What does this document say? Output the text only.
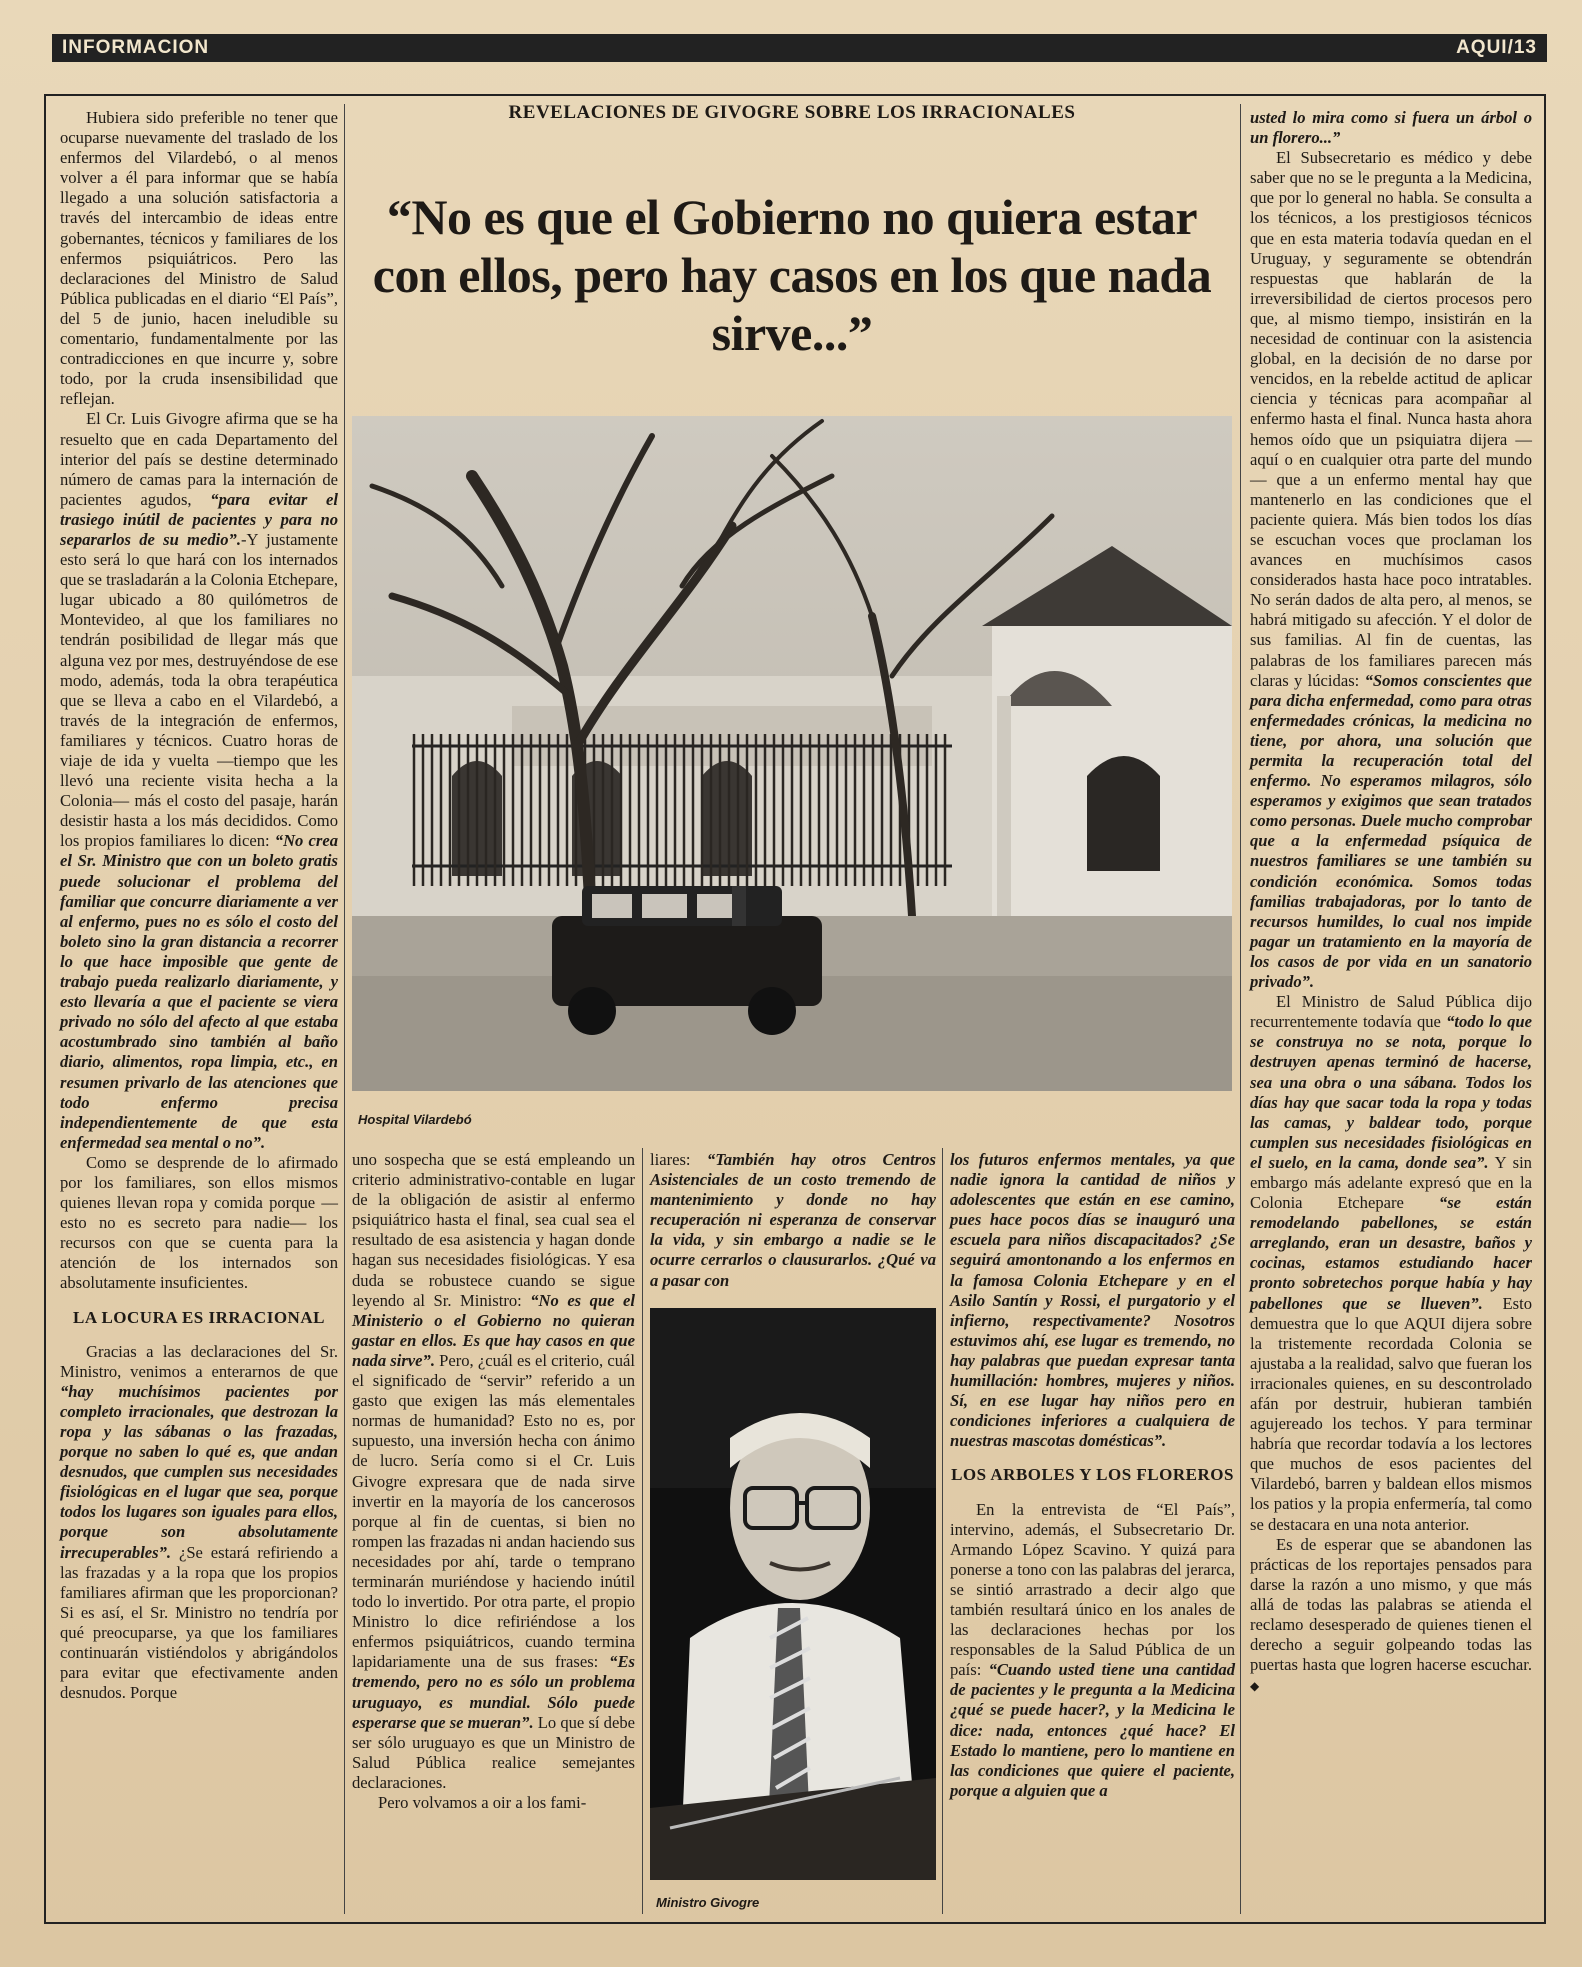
INFORMACION	AQUI/13
REVELACIONES DE GIVOGRE SOBRE LOS IRRACIONALES
“No es que el Gobierno no quiera estar con ellos, pero hay casos en los que nada sirve...”
Hospital Vilardebó
Ministro Givogre

Hubiera sido preferible no tener que ocuparse nuevamente del traslado de los enfermos del Vilardebó, o al menos volver a él para informar que se había llegado a una solución satisfactoria a través del intercambio de ideas entre gobernantes, técnicos y familiares de los enfermos psiquiátricos. Pero las declaraciones del Ministro de Salud Pública publicadas en el diario “El País”, del 5 de junio, hacen ineludible su comentario, fundamentalmente por las contradicciones en que incurre y, sobre todo, por la cruda insensibilidad que reflejan.

El Cr. Luis Givogre afirma que se ha resuelto que en cada Departamento del interior del país se destine determinado número de camas para la internación de pacientes agudos, “para evitar el trasiego inútil de pacientes y para no separarlos de su medio”.-Y justamente esto será lo que hará con los internados que se trasladarán a la Colonia Etchepare, lugar ubicado a 80 quilómetros de Montevideo, al que los familiares no tendrán posibilidad de llegar más que alguna vez por mes, destruyéndose de ese modo, además, toda la obra terapéutica que se lleva a cabo en el Vilardebó, a través de la integración de enfermos, familiares y técnicos. Cuatro horas de viaje de ida y vuelta —tiempo que les llevó una reciente visita hecha a la Colonia— más el costo del pasaje, harán desistir hasta a los más decididos. Como los propios familiares lo dicen: “No crea el Sr. Ministro que con un boleto gratis puede solucionar el problema del familiar que concurre diariamente a ver al enfermo, pues no es sólo el costo del boleto sino la gran distancia a recorrer lo que hace imposible que gente de trabajo pueda realizarlo diariamente, y esto llevaría a que el paciente se viera privado no sólo del afecto al que estaba acostumbrado sino también al baño diario, alimentos, ropa limpia, etc., en resumen privarlo de las atenciones que todo enfermo precisa independientemente de que esta enfermedad sea mental o no”.

Como se desprende de lo afirmado por los familiares, son ellos mismos quienes llevan ropa y comida porque —esto no es secreto para nadie— los recursos con que se cuenta para la atención de los internados son absolutamente insuficientes.

LA LOCURA ES IRRACIONAL

Gracias a las declaraciones del Sr. Ministro, venimos a enterarnos de que “hay muchísimos pacientes por completo irracionales, que destrozan la ropa y las sábanas o las frazadas, porque no saben lo qué es, que andan desnudos, que cumplen sus necesidades fisiológicas en el lugar que sea, porque todos los lugares son iguales para ellos, porque son absolutamente irrecuperables”. ¿Se estará refiriendo a las frazadas y a la ropa que los propios familiares afirman que les proporcionan? Si es así, el Sr. Ministro no tendría por qué preocuparse, ya que los familiares continuarán vistiéndolos y abrigándolos para evitar que efectivamente anden desnudos. Porque

uno sospecha que se está empleando un criterio administrativo-contable en lugar de la obligación de asistir al enfermo psiquiátrico hasta el final, sea cual sea el resultado de esa asistencia y hagan donde hagan sus necesidades fisiológicas. Y esa duda se robustece cuando se sigue leyendo al Sr. Ministro: “No es que el Ministerio o el Gobierno no quieran gastar en ellos. Es que hay casos en que nada sirve”. Pero, ¿cuál es el criterio, cuál el significado de “servir” referido a un gasto que exigen las más elementales normas de humanidad? Esto no es, por supuesto, una inversión hecha con ánimo de lucro. Sería como si el Cr. Luis Givogre expresara que de nada sirve invertir en la mayoría de los cancerosos porque al fin de cuentas, si bien no rompen las frazadas ni andan haciendo sus necesidades por ahí, tarde o temprano terminarán muriéndose y haciendo inútil todo lo invertido. Por otra parte, el propio Ministro lo dice refiriéndose a los enfermos psiquiátricos, cuando termina lapidariamente una de sus frases: “Es tremendo, pero no es sólo un problema uruguayo, es mundial. Sólo puede esperarse que se mueran”. Lo que sí debe ser sólo uruguayo es que un Ministro de Salud Pública realice semejantes declaraciones.

Pero volvamos a oir a los fami-

liares: “También hay otros Centros Asistenciales de un costo tremendo de mantenimiento y donde no hay recuperación ni esperanza de conservar la vida, y sin embargo a nadie se le ocurre cerrarlos o clausurarlos. ¿Qué va a pasar con

los futuros enfermos mentales, ya que nadie ignora la cantidad de niños y adolescentes que están en ese camino, pues hace pocos días se inauguró una escuela para niños discapacitados? ¿Se seguirá amontonando a los enfermos en la famosa Colonia Etchepare y en el Asilo Santín y Rossi, el purgatorio y el infierno, respectivamente? Nosotros estuvimos ahí, ese lugar es tremendo, no hay palabras que puedan expresar tanta humillación: hombres, mujeres y niños. Sí, en ese lugar hay niños pero en condiciones inferiores a cualquiera de nuestras mascotas domésticas”.

LOS ARBOLES Y LOS FLOREROS

En la entrevista de “El País”, intervino, además, el Subsecretario Dr. Armando López Scavino. Y quizá para ponerse a tono con las palabras del jerarca, se sintió arrastrado a decir algo que también resultará único en los anales de las declaraciones hechas por los responsables de la Salud Pública de un país: “Cuando usted tiene una cantidad de pacientes y le pregunta a la Medicina ¿qué se puede hacer?, y la Medicina le dice: nada, entonces ¿qué hace? El Estado lo mantiene, pero lo mantiene en las condiciones que quiere el paciente, porque a alguien que a

usted lo mira como si fuera un árbol o un florero...”

El Subsecretario es médico y debe saber que no se le pregunta a la Medicina, que por lo general no habla. Se consulta a los técnicos, a los prestigiosos técnicos que en esta materia todavía quedan en el Uruguay, y seguramente se obtendrán respuestas que hablarán de la irreversibilidad de ciertos procesos pero que, al mismo tiempo, insistirán en la necesidad de continuar con la asistencia global, en la decisión de no darse por vencidos, en la rebelde actitud de aplicar ciencia y técnicas para acompañar al enfermo hasta el final. Nunca hasta ahora hemos oído que un psiquiatra dijera —aquí o en cualquier otra parte del mundo— que a un enfermo mental hay que mantenerlo en las condiciones que el paciente quiera. Más bien todos los días se escuchan voces que proclaman los avances en muchísimos casos considerados hasta hace poco intratables. No serán dados de alta pero, al menos, se habrá mitigado su afección. Y el dolor de sus familias. Al fin de cuentas, las palabras de los familiares parecen más claras y lúcidas: “Somos conscientes que para dicha enfermedad, como para otras enfermedades crónicas, la medicina no tiene, por ahora, una solución que permita la recuperación total del enfermo. No esperamos milagros, sólo esperamos y exigimos que sean tratados como personas. Duele mucho comprobar que a la enfermedad psíquica de nuestros familiares se une también su condición económica. Somos todas familias trabajadoras, por lo tanto de recursos humildes, lo cual nos impide pagar un tratamiento en la mayoría de los casos de por vida en un sanatorio privado”.

El Ministro de Salud Pública dijo recurrentemente todavía que “todo lo que se construya no se nota, porque lo destruyen apenas terminó de hacerse, sea una obra o una sábana. Todos los días hay que sacar toda la ropa y todas las camas, y baldear todo, porque cumplen sus necesidades fisiológicas en el suelo, en la cama, donde sea”. Y sin embargo más adelante expresó que en la Colonia Etchepare “se están remodelando pabellones, se están arreglando, eran un desastre, baños y cocinas, estamos estudiando hacer pronto sobretechos porque había y hay pabellones que se llueven”. Esto demuestra que lo que AQUI dijera sobre la tristemente recordada Colonia se ajustaba a la realidad, salvo que fueran los irracionales quienes, en su descontrolado afán por destruir, hubieran también agujereado los techos. Y para terminar habría que recordar todavía a los lectores que muchos de esos pacientes del Vilardebó, barren y baldean ellos mismos los patios y la propia enfermería, tal como se destacara en una nota anterior.

Es de esperar que se abandonen las prácticas de los reportajes pensados para darse la razón a uno mismo, y que más allá de todas las palabras se atienda el reclamo desesperado de quienes tienen el derecho a seguir golpeando todas las puertas hasta que logren hacerse escuchar. ◆
